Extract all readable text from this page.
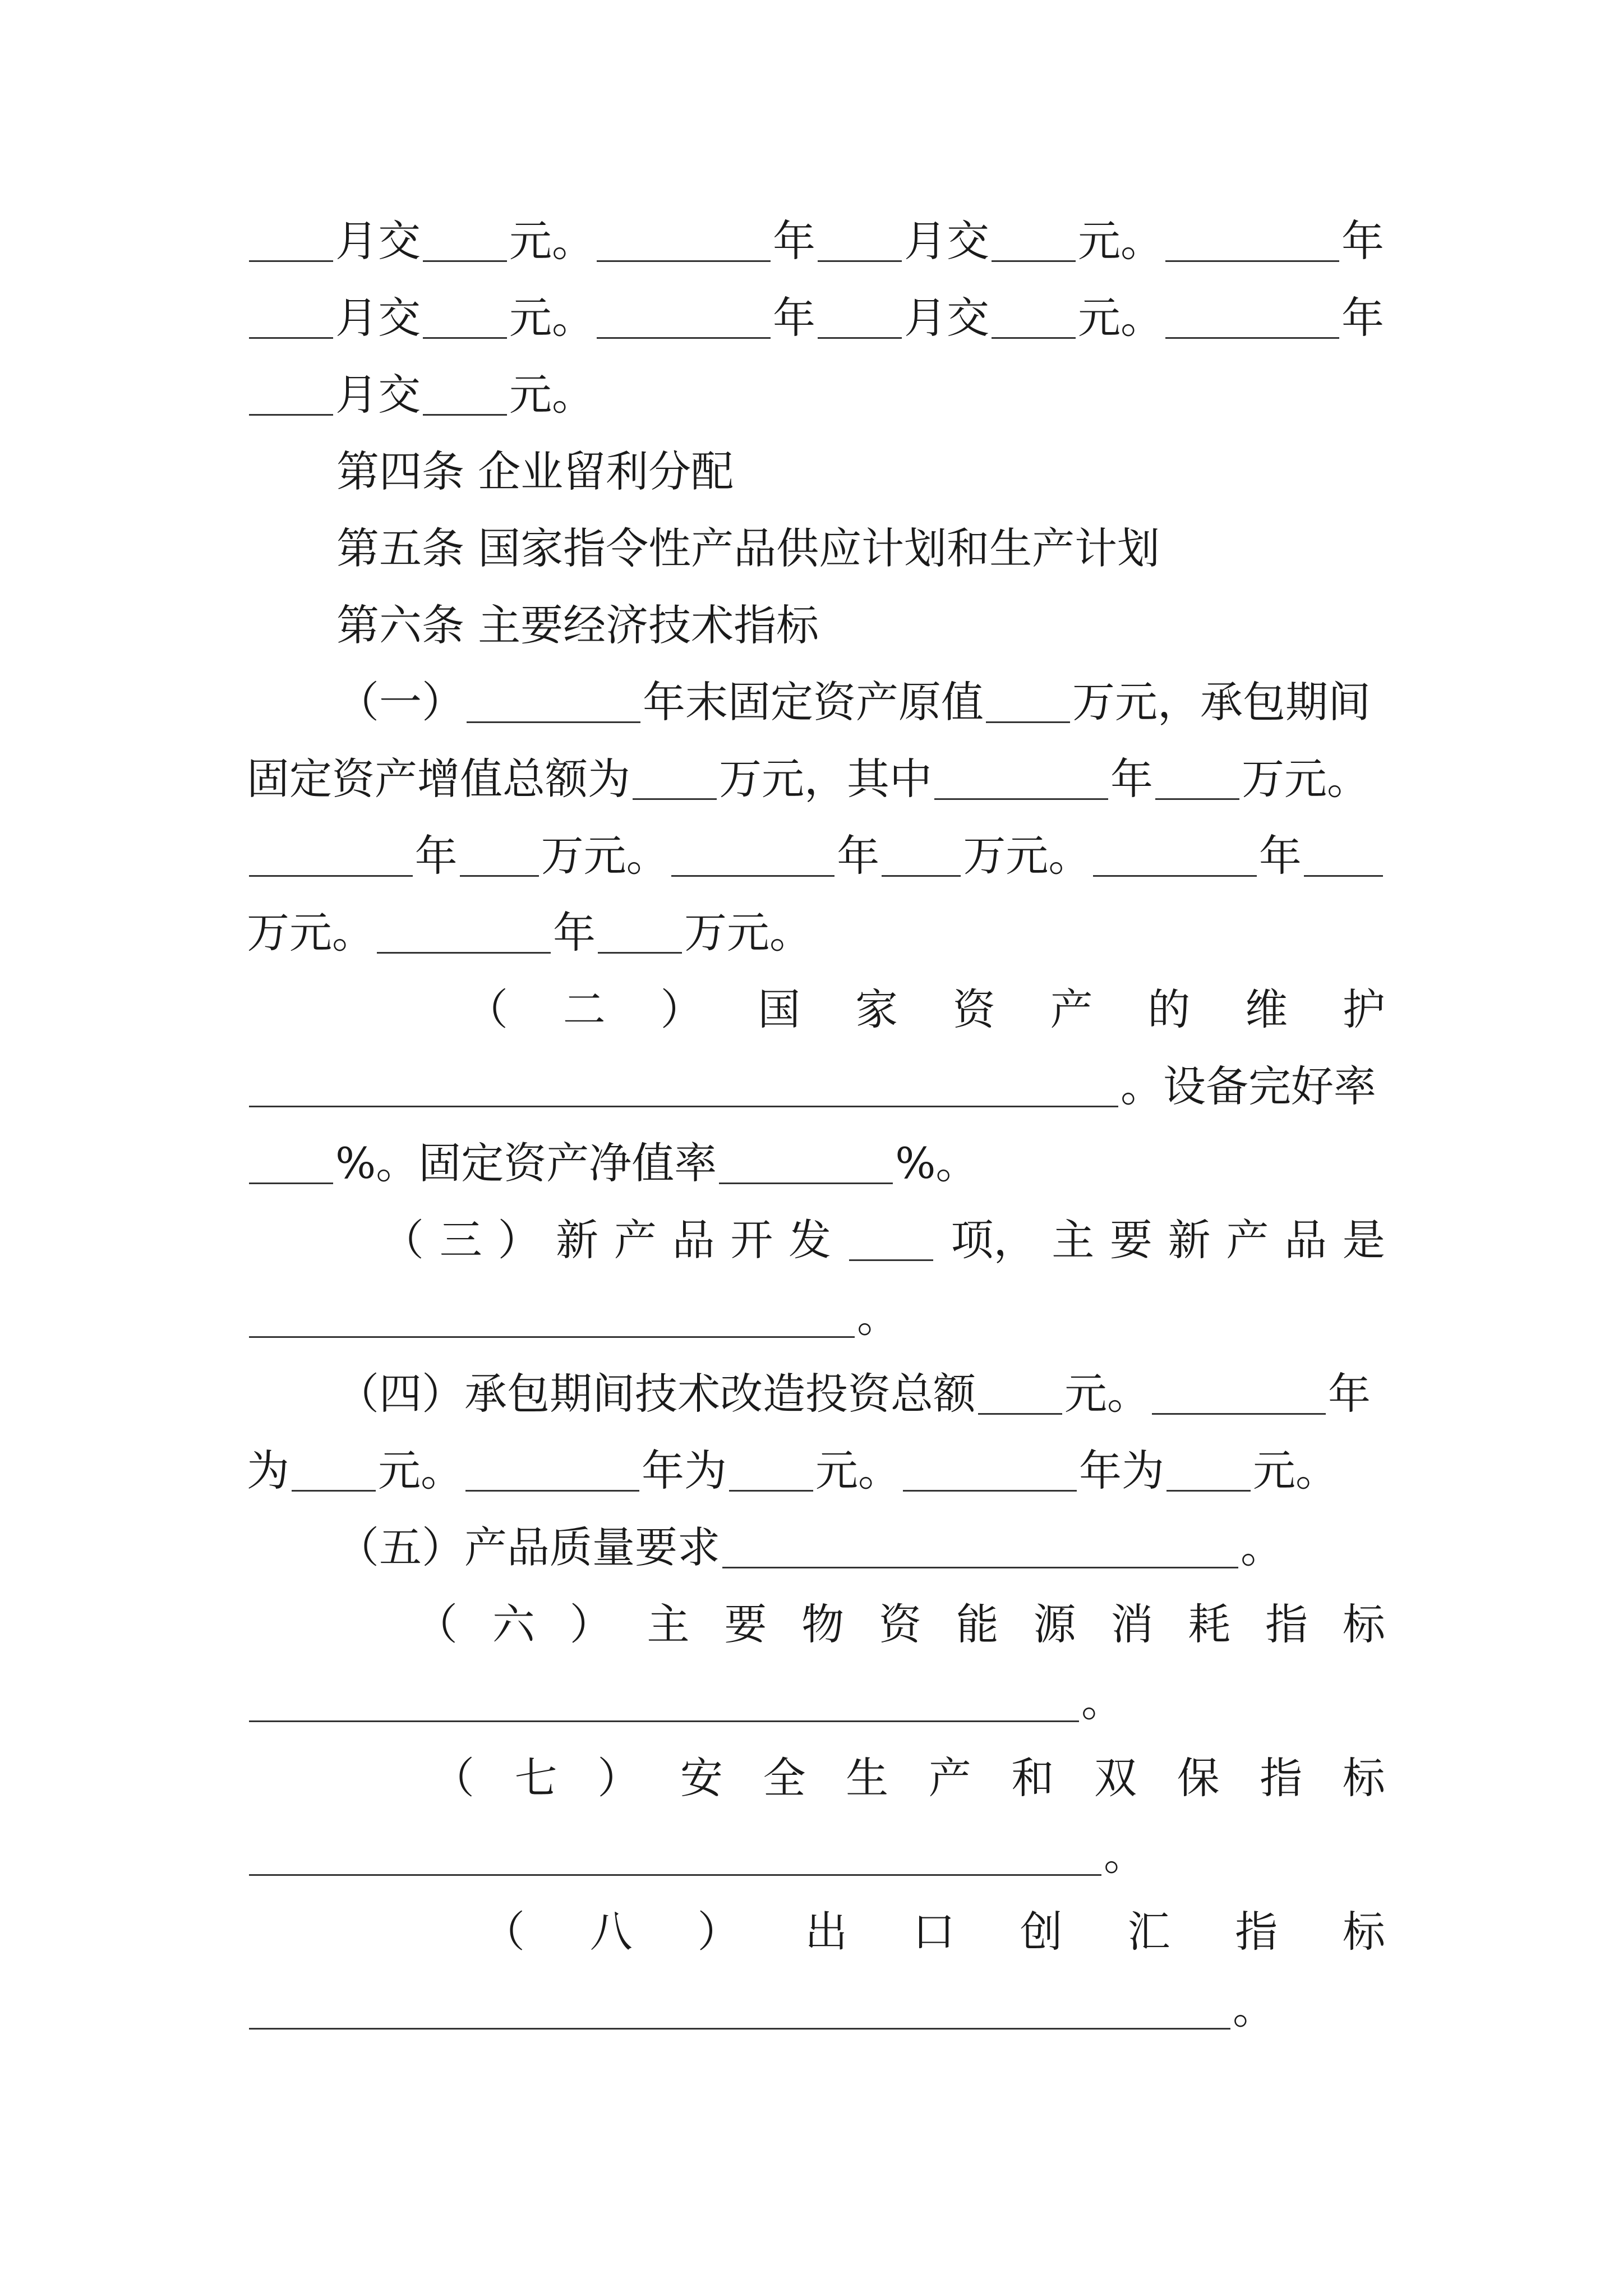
月交 元。	年 月交 元。	年
月交 元。	年 月交 元。	年
月交 元。
第四条 企业留利分配
第五条 国家指令性产品供应计划和生产计划
第六条 主要经济技术指标
（一）	年末固定资产原值 万元， 承包期间
固定资产增值总额为 万元， 其中	年 万元。
年 万元。	年 万元。	年
万元。	年 万元。
（ 二 ） 国 家 资 产 的 维 护
。 设备完好率
%。 固定资产净值率	%。
（ 三 ） 新 产 品 开 发	项， 主 要 新 产 品 是
。
（四）承包期间技术改造投资总额 元。	年
为 元。	年为 元。	年为 元。
（五）产品质量要求	。
（ 六 ） 主 要 物 资 能 源 消 耗 指 标
。
（ 七 ） 安 全 生 产 和 双 保 指 标
。
（ 八 ） 出 口 创 汇 指 标
。
